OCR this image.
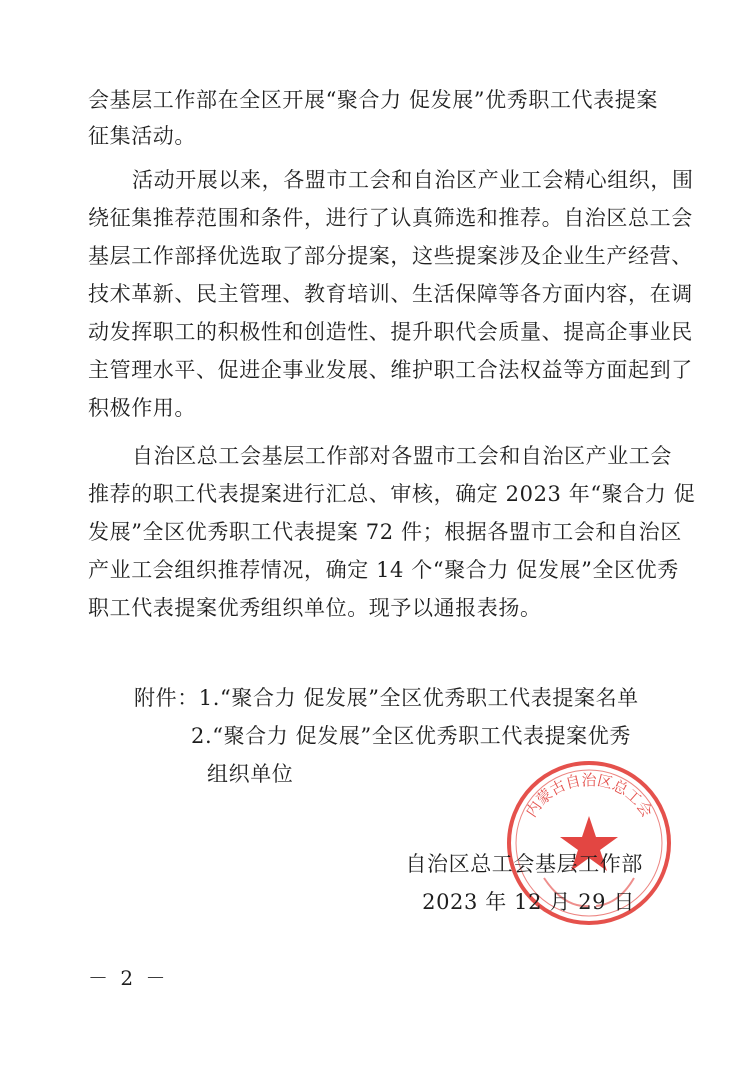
会基层工作部在全区开展“聚合力 促发展”优秀职工代表提案
征集活动。
活动开展以来，各盟市工会和自治区产业工会精心组织，围
绕征集推荐范围和条件，进行了认真筛选和推荐。自治区总工会
基层工作部择优选取了部分提案，这些提案涉及企业生产经营、
技术革新、民主管理、教育培训、生活保障等各方面内容，在调
动发挥职工的积极性和创造性、提升职代会质量、提高企事业民
主管理水平、促进企事业发展、维护职工合法权益等方面起到了
积极作用。
自治区总工会基层工作部对各盟市工会和自治区产业工会
推荐的职工代表提案进行汇总、审核，确定 2023 年“聚合力 促
发展”全区优秀职工代表提案 72 件；根据各盟市工会和自治区
产业工会组织推荐情况，确定 14 个“聚合力 促发展”全区优秀
职工代表提案优秀组织单位。现予以通报表扬。
附件：1.“聚合力 促发展”全区优秀职工代表提案名单
2.“聚合力 促发展”全区优秀职工代表提案优秀
组织单位
内蒙古自治区总工会
自治区总工会基层工作部
2023 年 12 月 29 日
－ 2 －
